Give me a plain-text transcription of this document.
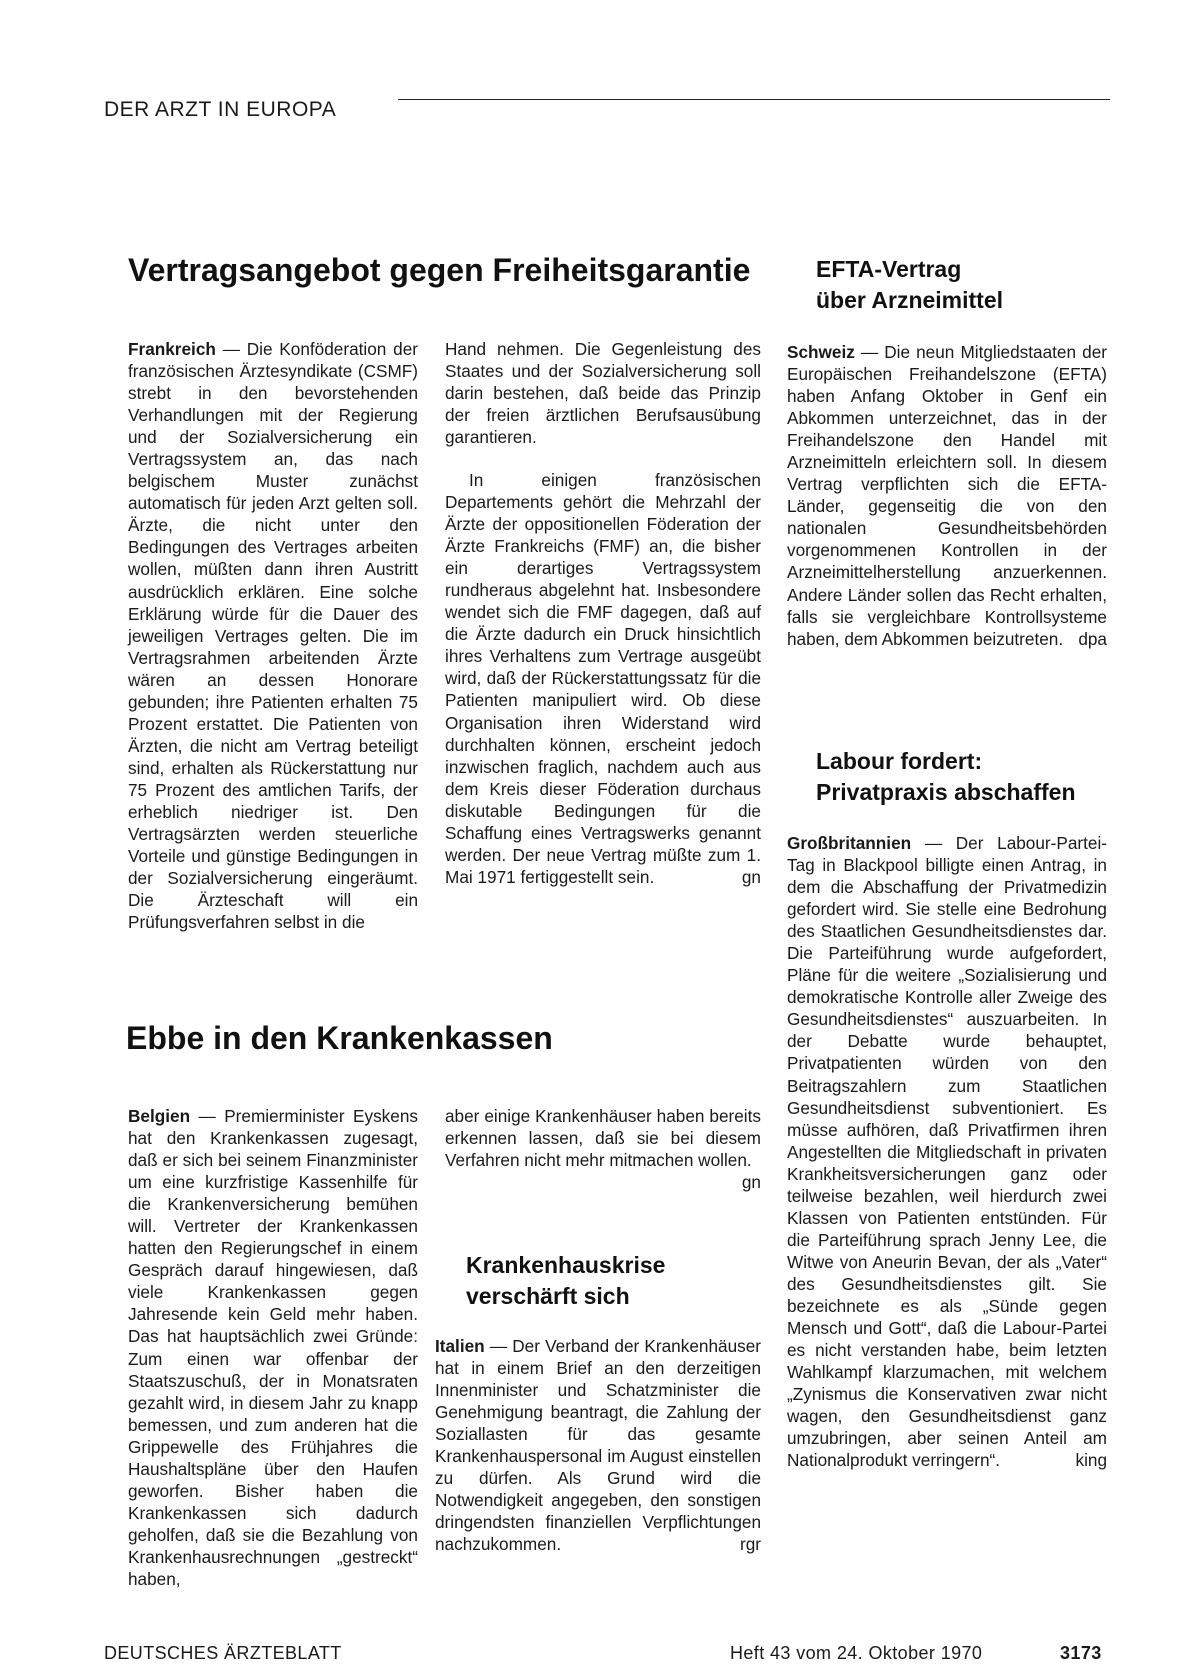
DER ARZT IN EUROPA
Vertragsangebot gegen Freiheitsgarantie	EFTA-Vertrag
über Arzneimittel
Ebbe in den Krankenkassen
Labour fordert:
Privatpraxis abschaffen
Krankenhauskrise
verschärft sich

Frankreich — Die Konföderation der französischen Ärztesyndikate (CSMF) strebt in den bevorstehenden Verhandlungen mit der Regierung und der Sozialversicherung ein Vertragssystem an, das nach belgischem Muster zunächst automatisch für jeden Arzt gelten soll. Ärzte, die nicht unter den Bedingungen des Vertrages arbeiten wollen, müßten dann ihren Austritt ausdrücklich erklären. Eine solche Erklärung würde für die Dauer des jeweiligen Vertrages gelten. Die im Vertragsrahmen arbeitenden Ärzte wären an dessen Honorare gebunden; ihre Patienten erhalten 75 Prozent erstattet. Die Patienten von Ärzten, die nicht am Vertrag beteiligt sind, erhalten als Rückerstattung nur 75 Prozent des amtlichen Tarifs, der erheblich niedriger ist. Den Vertragsärzten werden steuerliche Vorteile und günstige Bedingungen in der Sozialversicherung eingeräumt. Die Ärzteschaft will ein Prüfungsverfahren selbst in die

Hand nehmen. Die Gegenleistung des Staates und der Sozialversicherung soll darin bestehen, daß beide das Prinzip der freien ärztlichen Berufsausübung garantieren.

In einigen französischen Departements gehört die Mehrzahl der Ärzte der oppositionellen Föderation der Ärzte Frankreichs (FMF) an, die bisher ein derartiges Vertragssystem rundheraus abgelehnt hat. Insbesondere wendet sich die FMF dagegen, daß auf die Ärzte dadurch ein Druck hinsichtlich ihres Verhaltens zum Vertrage ausgeübt wird, daß der Rückerstattungssatz für die Patienten manipuliert wird. Ob diese Organisation ihren Widerstand wird durchhalten können, erscheint jedoch inzwischen fraglich, nachdem auch aus dem Kreis dieser Föderation durchaus diskutable Bedingungen für die Schaffung eines Vertragswerks genannt werden. Der neue Vertrag müßte zum 1. Mai 1971 fertiggestellt sein.	gn

Schweiz — Die neun Mitgliedstaaten der Europäischen Freihandelszone (EFTA) haben Anfang Oktober in Genf ein Abkommen unterzeichnet, das in der Freihandelszone den Handel mit Arzneimitteln erleichtern soll. In diesem Vertrag verpflichten sich die EFTA-Länder, gegenseitig die von den nationalen Gesundheitsbehörden vorgenommenen Kontrollen in der Arzneimittelherstellung anzuerkennen. Andere Länder sollen das Recht erhalten, falls sie vergleichbare Kontrollsysteme haben, dem Abkommen beizutreten. dpa

Großbritannien — Der Labour-Partei-Tag in Blackpool billigte einen Antrag, in dem die Abschaffung der Privatmedizin gefordert wird. Sie stelle eine Bedrohung des Staatlichen Gesundheitsdienstes dar. Die Parteiführung wurde aufgefordert, Pläne für die weitere „Sozialisierung und demokratische Kontrolle aller Zweige des Gesundheitsdienstes“ auszuarbeiten. In der Debatte wurde behauptet, Privatpatienten würden von den Beitragszahlern zum Staatlichen Gesundheitsdienst subventioniert. Es müsse aufhören, daß Privatfirmen ihren Angestellten die Mitgliedschaft in privaten Krankheitsversicherungen ganz oder teilweise bezahlen, weil hierdurch zwei Klassen von Patienten entstünden. Für die Parteiführung sprach Jenny Lee, die Witwe von Aneurin Bevan, der als „Vater“ des Gesundheitsdienstes gilt. Sie bezeichnete es als „Sünde gegen Mensch und Gott“, daß die Labour-Partei es nicht verstanden habe, beim letzten Wahlkampf klarzumachen, mit welchem „Zynismus die Konservativen zwar nicht wagen, den Gesundheitsdienst ganz umzubringen, aber seinen Anteil am Nationalprodukt verringern“.	king

Belgien — Premierminister Eyskens hat den Krankenkassen zugesagt, daß er sich bei seinem Finanzminister um eine kurzfristige Kassenhilfe für die Krankenversicherung bemühen will. Vertreter der Krankenkassen hatten den Regierungschef in einem Gespräch darauf hingewiesen, daß viele Krankenkassen gegen Jahresende kein Geld mehr haben. Das hat hauptsächlich zwei Gründe: Zum einen war offenbar der Staatszuschuß, der in Monatsraten gezahlt wird, in diesem Jahr zu knapp bemessen, und zum anderen hat die Grippewelle des Frühjahres die Haushaltspläne über den Haufen geworfen. Bisher haben die Krankenkassen sich dadurch geholfen, daß sie die Bezahlung von Krankenhausrechnungen „gestreckt“ haben,

aber einige Krankenhäuser haben bereits erkennen lassen, daß sie bei diesem Verfahren nicht mehr mitmachen wollen.
gn

Italien — Der Verband der Krankenhäuser hat in einem Brief an den derzeitigen Innenminister und Schatzminister die Genehmigung beantragt, die Zahlung der Soziallasten für das gesamte Krankenhauspersonal im August einstellen zu dürfen. Als Grund wird die Notwendigkeit angegeben, den sonstigen dringendsten finanziellen Verpflichtungen nachzukommen.	rgr

DEUTSCHES ÄRZTEBLATT	Heft 43 vom 24. Oktober 1970	3173
